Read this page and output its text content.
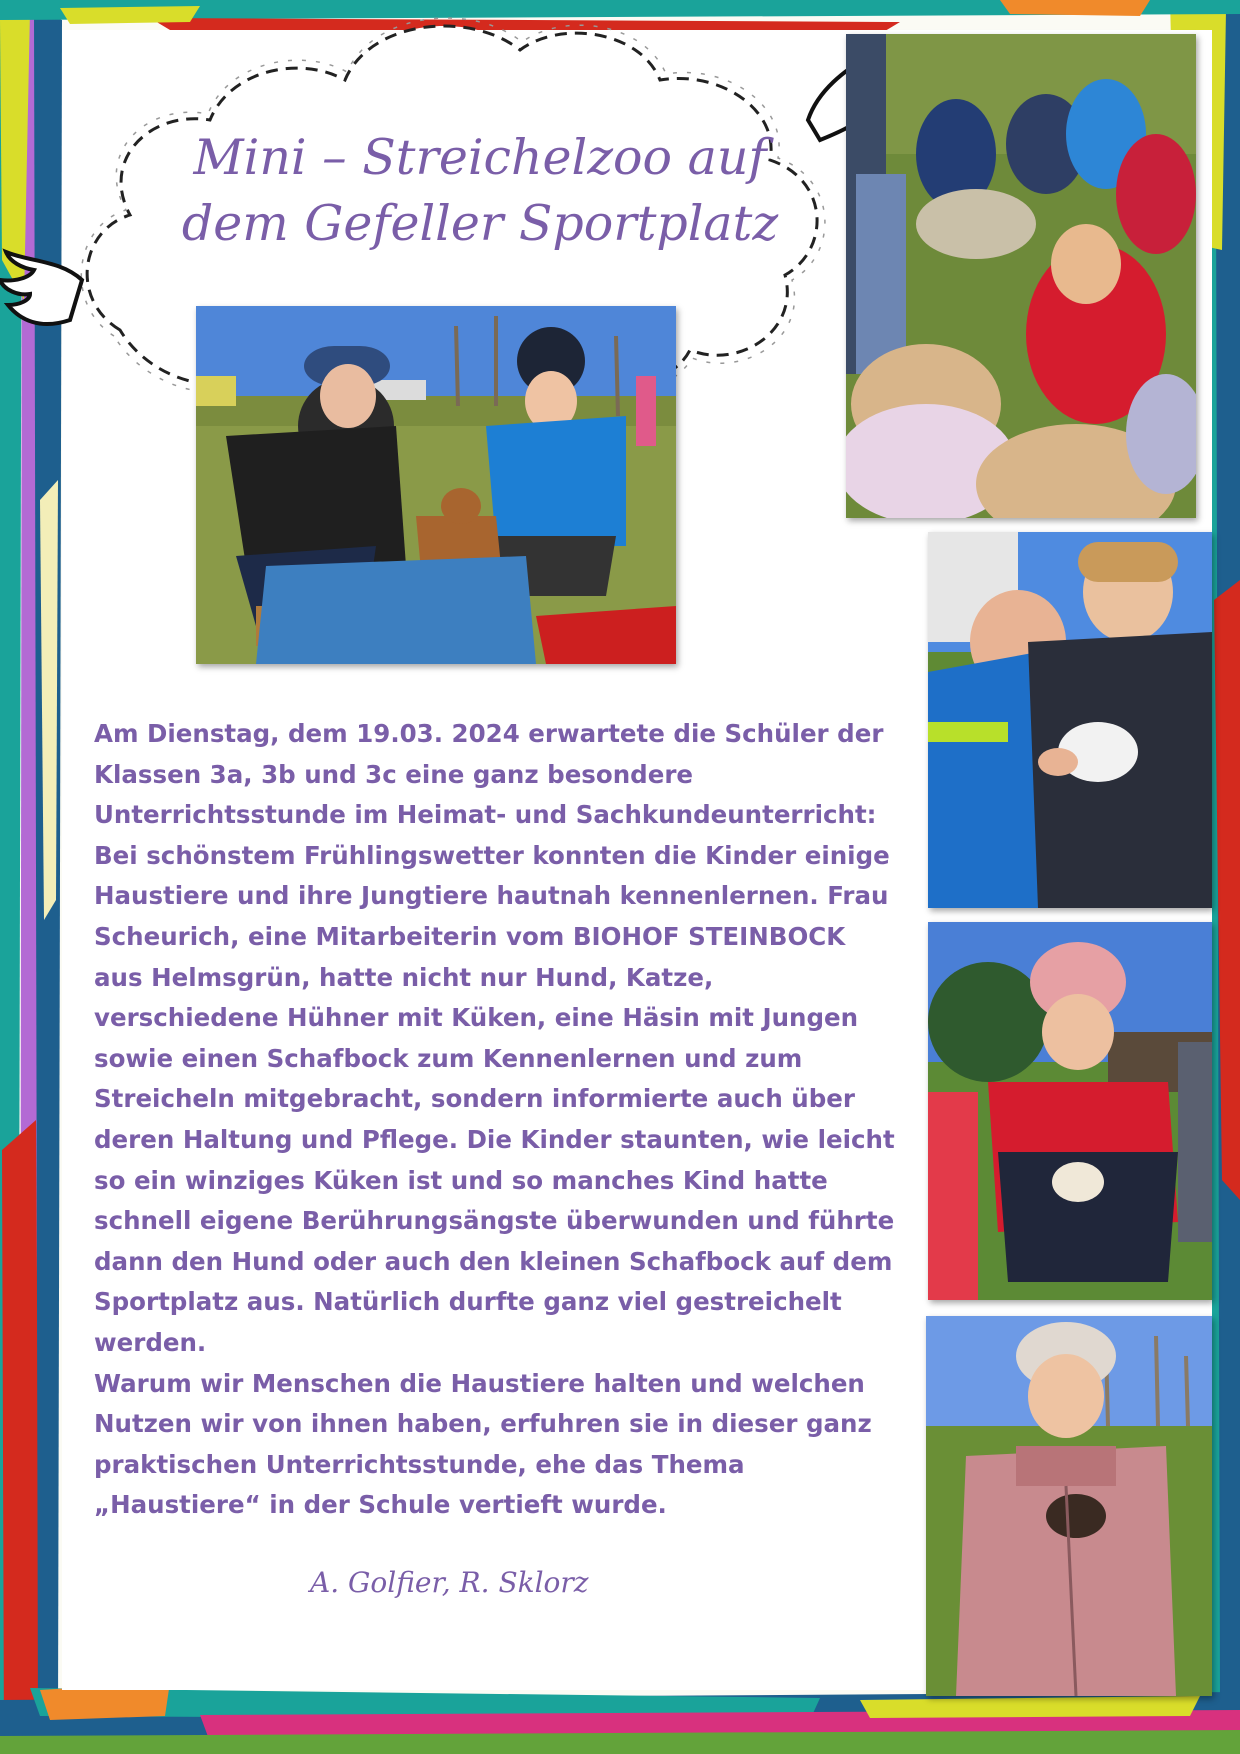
Mini – Streichelzoo auf
dem Gefeller Sportplatz

Am Dienstag, dem 19.03. 2024 erwartete die Schüler der
Klassen 3a, 3b und 3c eine ganz besondere
Unterrichtsstunde im Heimat- und Sachkundeunterricht:
Bei schönstem Frühlingswetter konnten die Kinder einige
Haustiere und ihre Jungtiere hautnah kennenlernen. Frau
Scheurich, eine Mitarbeiterin vom BIOHOF STEINBOCK
aus Helmsgrün, hatte nicht nur Hund, Katze,
verschiedene Hühner mit Küken, eine Häsin mit Jungen
sowie einen Schafbock zum Kennenlernen und zum
Streicheln mitgebracht, sondern informierte auch über
deren Haltung und Pflege. Die Kinder staunten, wie leicht
so ein winziges Küken ist und so manches Kind hatte
schnell eigene Berührungsängste überwunden und führte
dann den Hund oder auch den kleinen Schafbock auf dem
Sportplatz aus. Natürlich durfte ganz viel gestreichelt
werden.
Warum wir Menschen die Haustiere halten und welchen
Nutzen wir von ihnen haben, erfuhren sie in dieser ganz
praktischen Unterrichtsstunde, ehe das Thema
„Haustiere“ in der Schule vertieft wurde.

A. Golfier, R. Sklorz
